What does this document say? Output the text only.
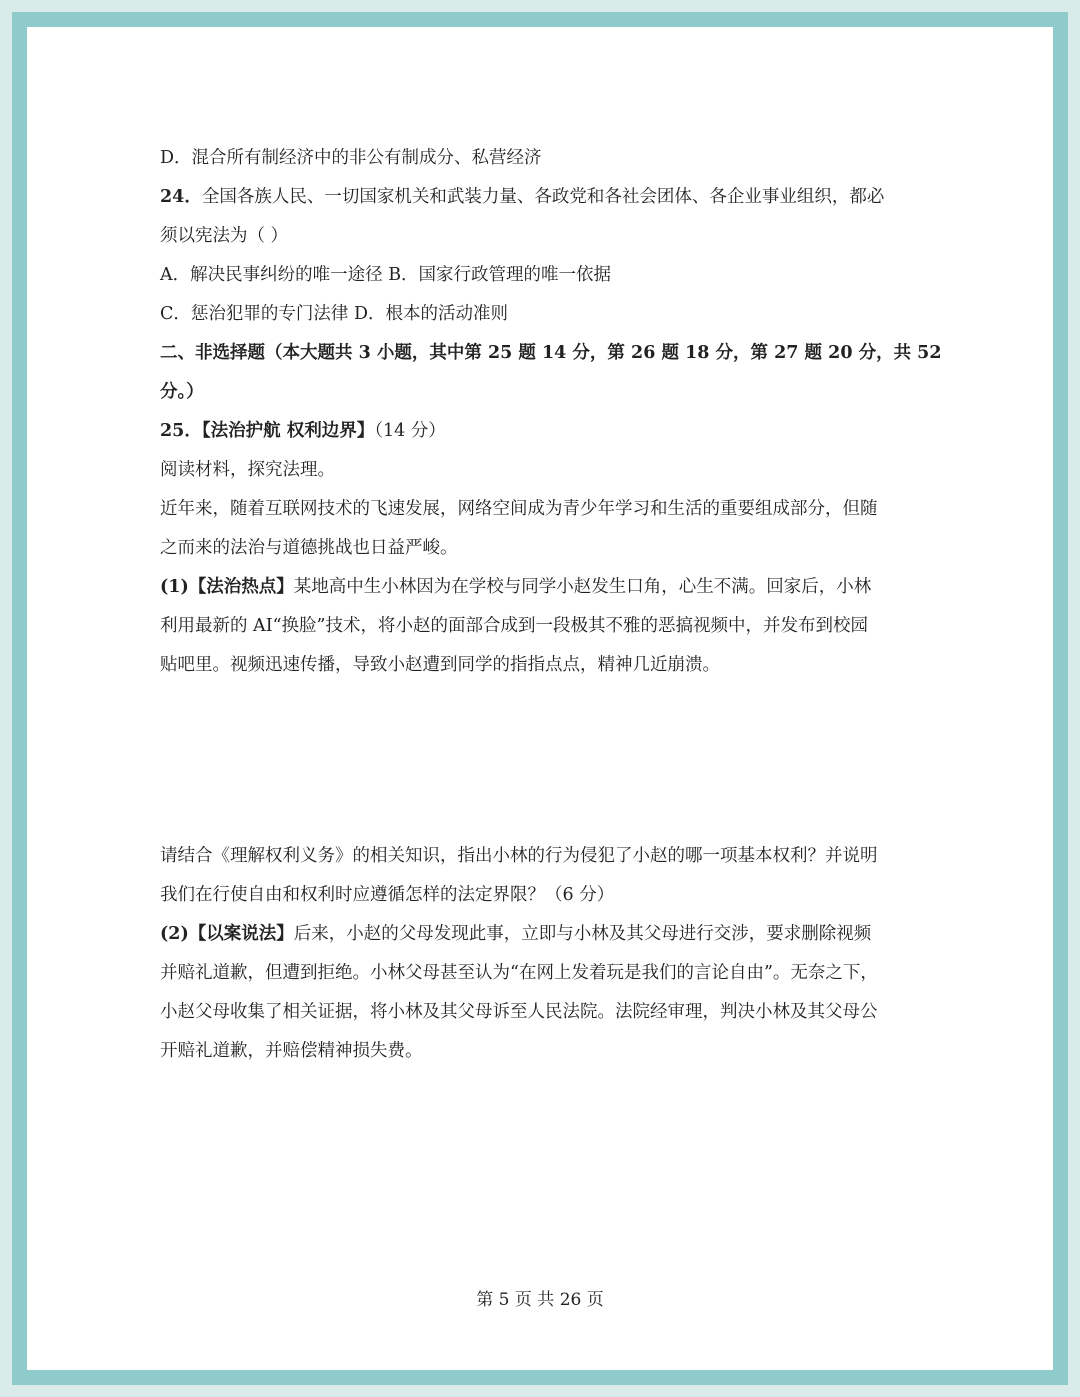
D．混合所有制经济中的非公有制成分、私营经济
24．全国各族人民、一切国家机关和武装力量、各政党和各社会团体、各企业事业组织，都必
须以宪法为（ ）
A．解决民事纠纷的唯一途径 B．国家行政管理的唯一依据
C．惩治犯罪的专门法律 D．根本的活动准则
二、非选择题（本大题共 3 小题，其中第 25 题 14 分，第 26 题 18 分，第 27 题 20 分，共 52
分。）
25．【法治护航 权利边界】（14 分）
阅读材料，探究法理。
近年来，随着互联网技术的飞速发展，网络空间成为青少年学习和生活的重要组成部分，但随
之而来的法治与道德挑战也日益严峻。
(1)【法治热点】某地高中生小林因为在学校与同学小赵发生口角，心生不满。回家后，小林
利用最新的 AI“换脸”技术，将小赵的面部合成到一段极其不雅的恶搞视频中，并发布到校园
贴吧里。视频迅速传播，导致小赵遭到同学的指指点点，精神几近崩溃。
请结合《理解权利义务》的相关知识，指出小林的行为侵犯了小赵的哪一项基本权利？并说明
我们在行使自由和权利时应遵循怎样的法定界限？（6 分）
(2)【以案说法】后来，小赵的父母发现此事，立即与小林及其父母进行交涉，要求删除视频
并赔礼道歉，但遭到拒绝。小林父母甚至认为“在网上发着玩是我们的言论自由”。无奈之下，
小赵父母收集了相关证据，将小林及其父母诉至人民法院。法院经审理，判决小林及其父母公
开赔礼道歉，并赔偿精神损失费。
第 5 页 共 26 页
